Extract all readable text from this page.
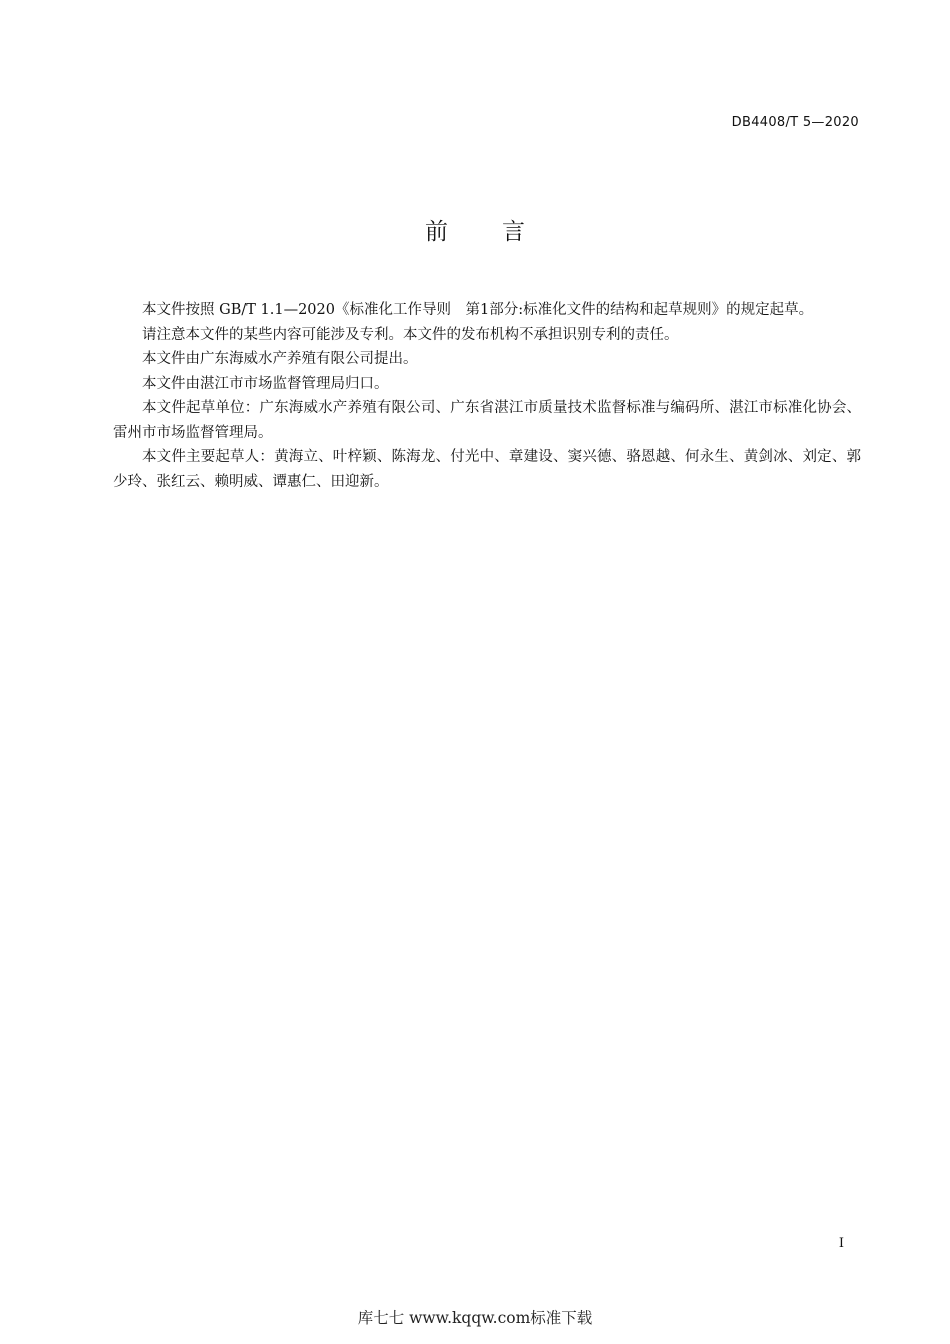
DB4408/T 5—2020
前言

本文件按照 GB/T 1.1—2020《标准化工作导则　第1部分:标准化文件的结构和起草规则》的规定起草。

请注意本文件的某些内容可能涉及专利。本文件的发布机构不承担识别专利的责任。

本文件由广东海威水产养殖有限公司提出。

本文件由湛江市市场监督管理局归口。

本文件起草单位：广东海威水产养殖有限公司、广东省湛江市质量技术监督标准与编码所、湛江市标准化协会、雷州市市场监督管理局。

本文件主要起草人：黄海立、叶梓颖、陈海龙、付光中、章建设、窦兴德、骆恩越、何永生、黄剑冰、刘定、郭少玲、张红云、赖明威、谭惠仁、田迎新。

I
库七七 www.kqqw.com标准下载
